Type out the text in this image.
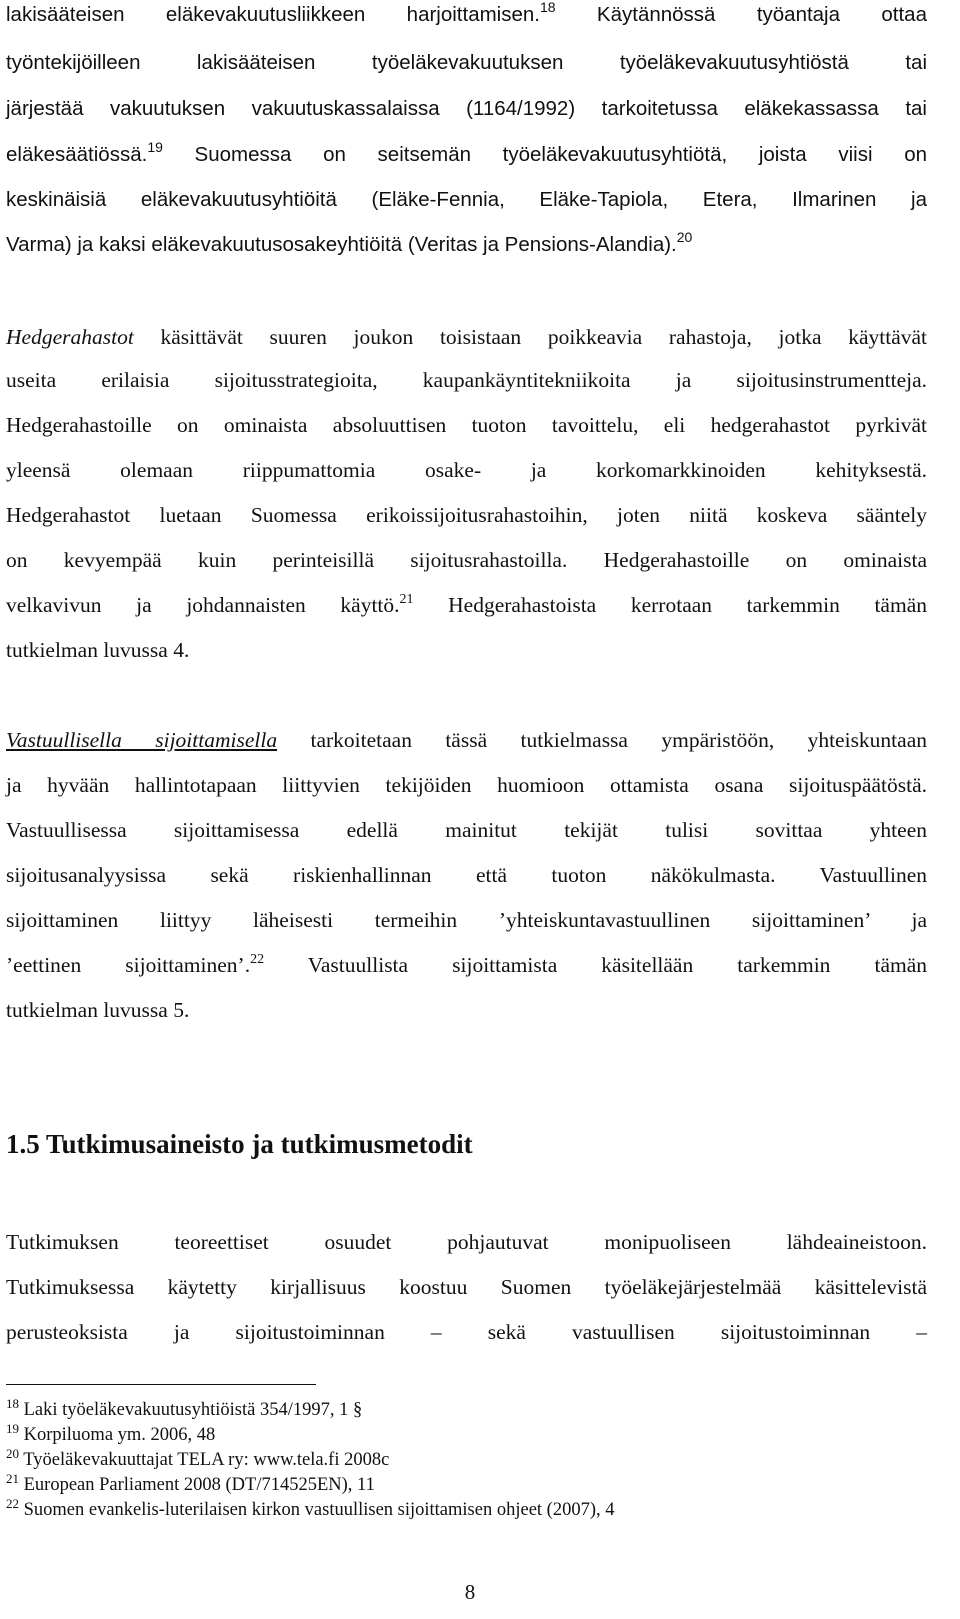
lakisääteisen eläkevakuutusliikkeen harjoittamisen.$^{18}$ Käytännössä työantaja ottaa
työntekijöilleen lakisääteisen työeläkevakuutuksen työeläkevakuutusyhtiöstä tai
järjestää vakuutuksen vakuutuskassalaissa (1164/1992) tarkoitetussa eläkekassassa tai
eläkesäätiössä.$^{19}$ Suomessa on seitsemän työeläkevakuutusyhtiötä, joista viisi on
keskinäisiä eläkevakuutusyhtiöitä (Eläke-Fennia, Eläke-Tapiola, Etera, Ilmarinen ja
Varma) ja kaksi eläkevakuutusosakeyhtiöitä (Veritas ja Pensions-Alandia).$^{20}$
Hedgerahastot käsittävät suuren joukon toisistaan poikkeavia rahastoja, jotka käyttävät
useita erilaisia sijoitusstrategioita, kaupankäyntitekniikoita ja sijoitusinstrumentteja.
Hedgerahastoille on ominaista absoluuttisen tuoton tavoittelu, eli hedgerahastot pyrkivät
yleensä olemaan riippumattomia osake- ja korkomarkkinoiden kehityksestä.
Hedgerahastot luetaan Suomessa erikoissijoitusrahastoihin, joten niitä koskeva sääntely
on kevyempää kuin perinteisillä sijoitusrahastoilla. Hedgerahastoille on ominaista
velkavivun ja johdannaisten käyttö.$^{21}$ Hedgerahastoista kerrotaan tarkemmin tämän
tutkielman luvussa 4.
Vastuullisella sijoittamisella tarkoitetaan tässä tutkielmassa ympäristöön, yhteiskuntaan
ja hyvään hallintotapaan liittyvien tekijöiden huomioon ottamista osana sijoituspäätöstä.
Vastuullisessa sijoittamisessa edellä mainitut tekijät tulisi sovittaa yhteen
sijoitusanalyysissa sekä riskienhallinnan että tuoton näkökulmasta. Vastuullinen
sijoittaminen liittyy läheisesti termeihin ’yhteiskuntavastuullinen sijoittaminen’ ja
’eettinen sijoittaminen’.$^{22}$ Vastuullista sijoittamista käsitellään tarkemmin tämän
tutkielman luvussa 5.
1.5 Tutkimusaineisto ja tutkimusmetodit
Tutkimuksen teoreettiset osuudet pohjautuvat monipuoliseen lähdeaineistoon.
Tutkimuksessa käytetty kirjallisuus koostuu Suomen työeläkejärjestelmää käsittelevistä
perusteoksista ja sijoitustoiminnan – sekä vastuullisen sijoitustoiminnan –
$^{18}$ Laki työeläkevakuutusyhtiöistä 354/1997, 1 §
$^{19}$ Korpiluoma ym. 2006, 48
$^{20}$ Työeläkevakuuttajat TELA ry: www.tela.fi 2008c
$^{21}$ European Parliament 2008 (DT/714525EN), 11
$^{22}$ Suomen evankelis-luterilaisen kirkon vastuullisen sijoittamisen ohjeet (2007), 4
8
